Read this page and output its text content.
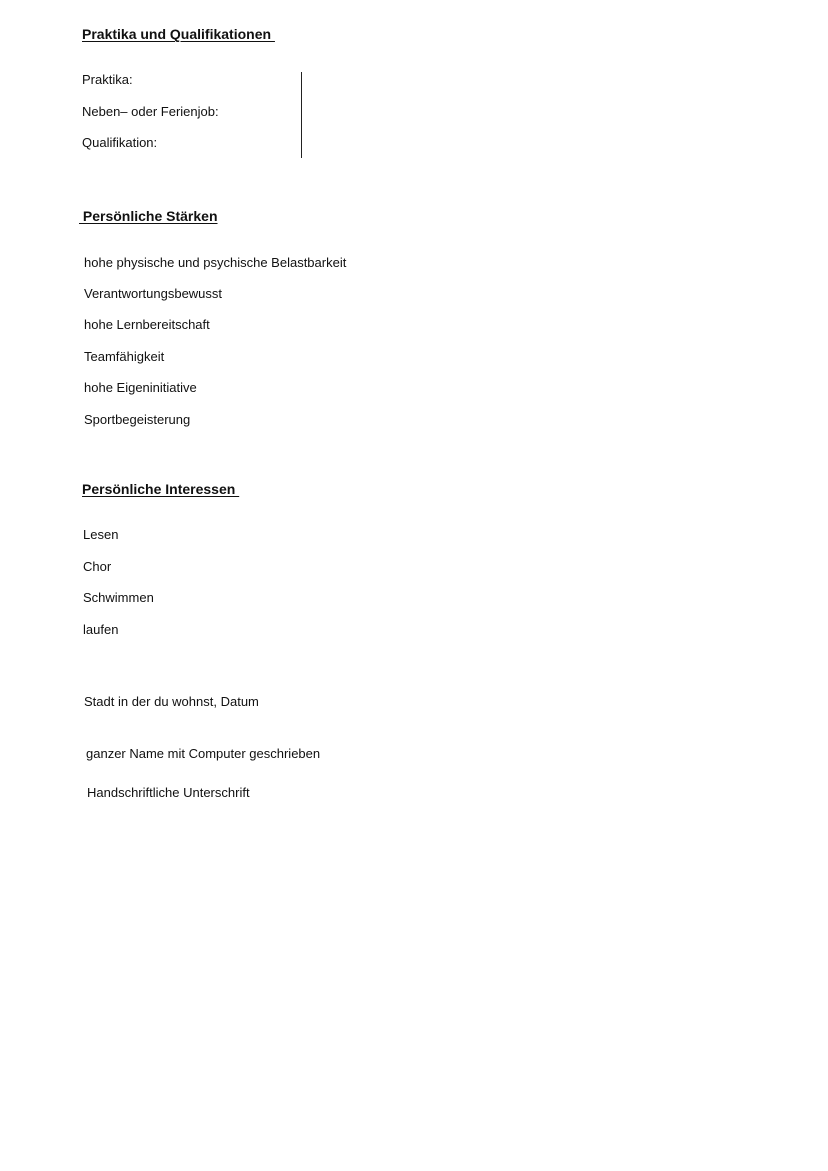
Praktika und Qualifikationen
Praktika:
Neben– oder Ferienjob:
Qualifikation:
Persönliche Stärken
hohe physische und psychische Belastbarkeit
Verantwortungsbewusst
hohe Lernbereitschaft
Teamfähigkeit
hohe Eigeninitiative
Sportbegeisterung
Persönliche Interessen
Lesen
Chor
Schwimmen
laufen
Stadt in der du wohnst, Datum
ganzer Name mit Computer geschrieben
Handschriftliche Unterschrift
